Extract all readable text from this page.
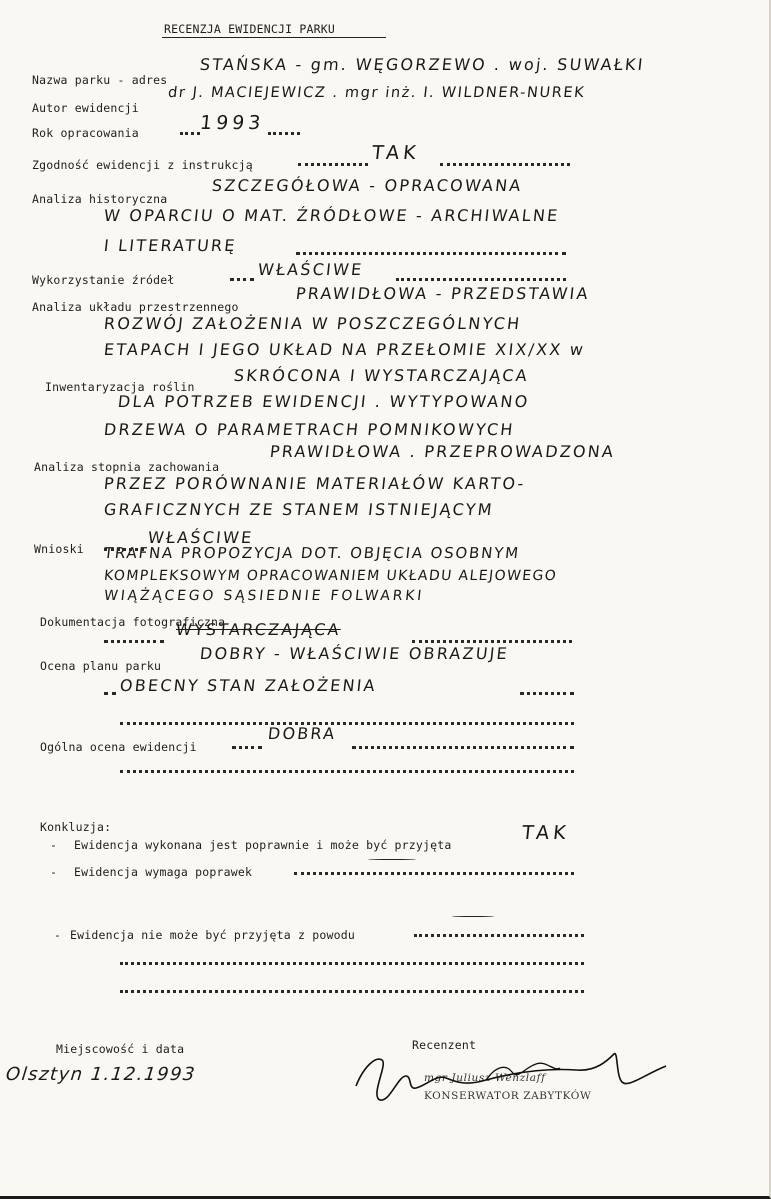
RECENZJA EWIDENCJI PARKU
Nazwa parku - adres
STAŃSKA - gm. WĘGORZEWO . woj. SUWAŁKI
Autor ewidencji
dr J. MACIEJEWICZ . mgr inż. I. WILDNER-NUREK
Rok opracowania	1993
Zgodność ewidencji z instrukcją
TAK
Analiza historyczna
SZCZEGÓŁOWA - OPRACOWANA
W OPARCIU O MAT. ŹRÓDŁOWE - ARCHIWALNE
I LITERATURĘ
Wykorzystanie źródeł
WŁAŚCIWE
Analiza układu przestrzennego
PRAWIDŁOWA - PRZEDSTAWIA
ROZWÓJ ZAŁOŻENIA W POSZCZEGÓLNYCH
ETAPACH I JEGO UKŁAD NA PRZEŁOMIE XIX/XX w
Inwentaryzacja roślin
SKRÓCONA I WYSTARCZAJĄCA
DLA POTRZEB EWIDENCJI . WYTYPOWANO
DRZEWA O PARAMETRACH POMNIKOWYCH
Analiza stopnia zachowania
PRAWIDŁOWA . PRZEPROWADZONA
PRZEZ PORÓWNANIE MATERIAŁÓW KARTO-
GRAFICZNYCH ZE STANEM ISTNIEJĄCYM
Wnioski
WŁAŚCIWE
TRAFNA PROPOZYCJA DOT. OBJĘCIA OSOBNYM
KOMPLEKSOWYM OPRACOWANIEM UKŁADU ALEJOWEGO
WIĄŻĄCEGO SĄSIEDNIE FOLWARKI
Dokumentacja fotograficzna
WYSTARCZAJĄCA
Ocena planu parku
DOBRY - WŁAŚCIWIE OBRAZUJE
OBECNY STAN ZAŁOŻENIA
Ogólna ocena ewidencji
DOBRA
Konkluzja:
- Ewidencja wykonana jest poprawnie i może być przyjęta
TAK
- Ewidencja wymaga poprawek
- Ewidencja nie może być przyjęta z powodu
Miejscowość i data
Olsztyn 1.12.1993
Recenzent
mgr Juliusz Wenzlaff
KONSERWATOR ZABYTKÓW
